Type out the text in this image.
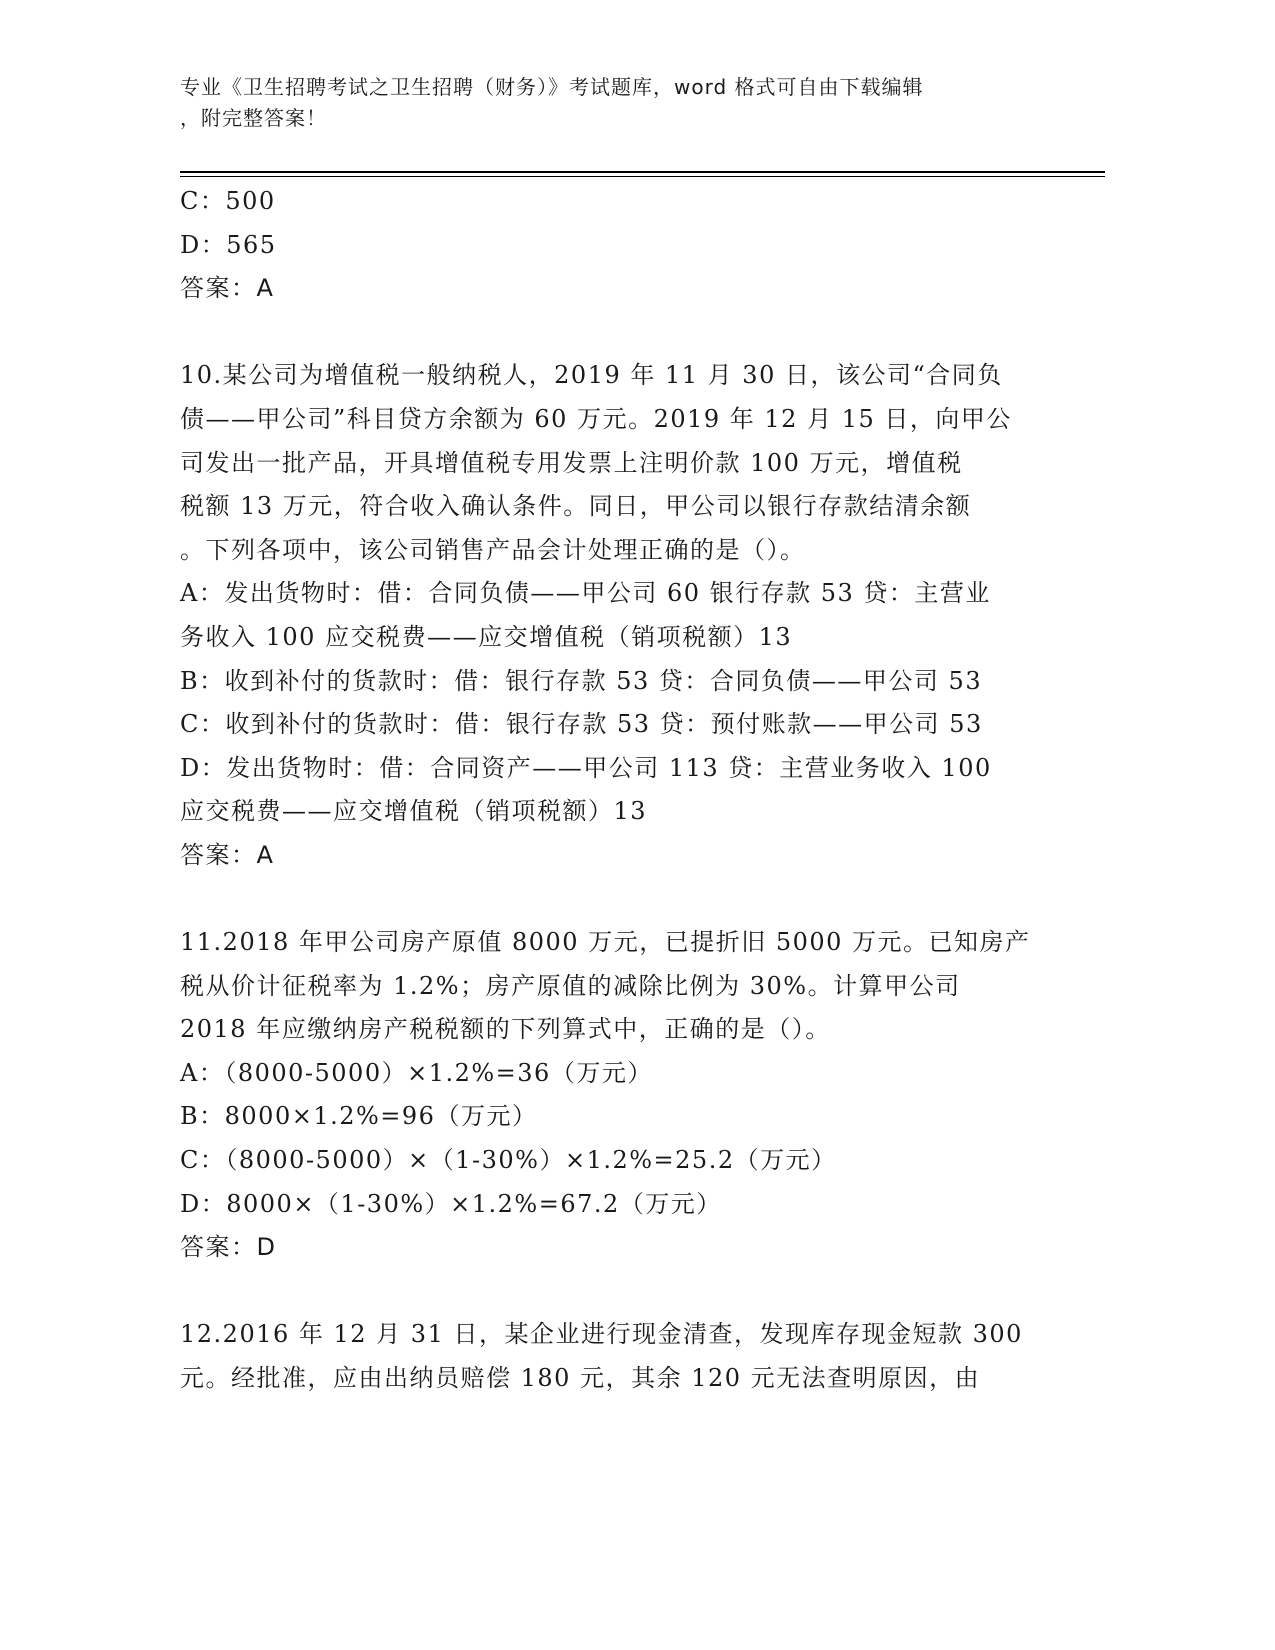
专业《卫生招聘考试之卫生招聘（财务）》考试题库，word 格式可自由下载编辑
，附完整答案！
C：500
D：565
答案：A
10.某公司为增值税一般纳税人，2019 年 11 月 30 日，该公司“合同负
债——甲公司”科目贷方余额为 60 万元。2019 年 12 月 15 日，向甲公
司发出一批产品，开具增值税专用发票上注明价款 100 万元，增值税
税额 13 万元，符合收入确认条件。同日，甲公司以银行存款结清余额
。下列各项中，该公司销售产品会计处理正确的是（）。
A：发出货物时：借：合同负债——甲公司 60 银行存款 53 贷：主营业
务收入 100 应交税费——应交增值税（销项税额）13
B：收到补付的货款时：借：银行存款 53 贷：合同负债——甲公司 53
C：收到补付的货款时：借：银行存款 53 贷：预付账款——甲公司 53
D：发出货物时：借：合同资产——甲公司 113 贷：主营业务收入 100
应交税费——应交增值税（销项税额）13
答案：A
11.2018 年甲公司房产原值 8000 万元，已提折旧 5000 万元。已知房产
税从价计征税率为 1.2%；房产原值的减除比例为 30%。计算甲公司
2018 年应缴纳房产税税额的下列算式中，正确的是（）。
A：（8000-5000）×1.2%=36（万元）
B：8000×1.2%=96（万元）
C：（8000-5000）×（1-30%）×1.2%=25.2（万元）
D：8000×（1-30%）×1.2%=67.2（万元）
答案：D
12.2016 年 12 月 31 日，某企业进行现金清查，发现库存现金短款 300
元。经批准，应由出纳员赔偿 180 元，其余 120 元无法查明原因，由
